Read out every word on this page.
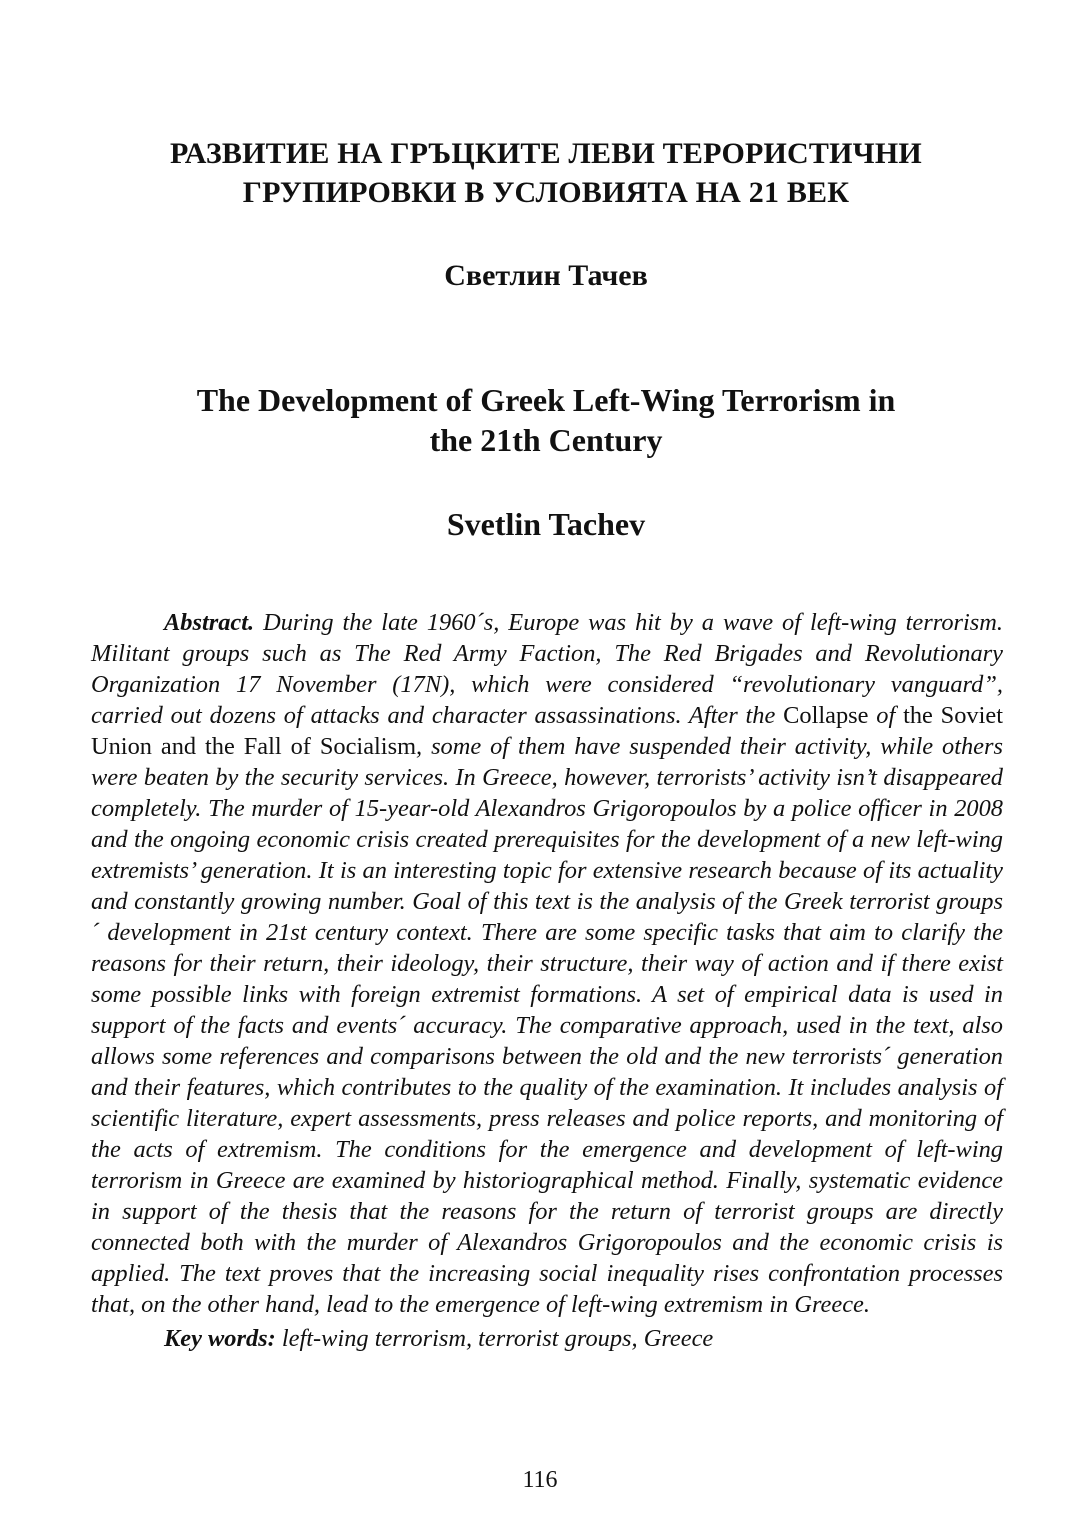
РАЗВИТИЕ НА ГРЪЦКИТЕ ЛЕВИ ТЕРОРИСТИЧНИ
ГРУПИРОВКИ В УСЛОВИЯТА НА 21 ВЕК
Светлин Тачев
The Development of Greek Left-Wing Terrorism in
the 21th Century
Svetlin Tachev

Abstract. During the late 1960´s, Europe was hit by a wave of left-wing terrorism. Militant groups such as The Red Army Faction, The Red Brigades and Revolutionary Organization 17 November (17N), which were considered “revolutionary vanguard”, carried out dozens of attacks and character assassinations. After the Collapse of the Soviet Union and the Fall of Socialism, some of them have suspended their activity, while others were beaten by the security services. In Greece, however, terrorists’ activity isn’t disappeared completely. The murder of 15-year-old Alexandros Grigoropoulos by a police officer in 2008 and the ongoing economic crisis created prerequisites for the development of a new left-wing extremists’ generation. It is an interesting topic for extensive research because of its actuality and constantly growing number. Goal of this text is the analysis of the Greek terrorist groups´ development in 21st century context. There are some specific tasks that aim to clarify the reasons for their return, their ideology, their structure, their way of action and if there exist some possible links with foreign extremist formations. A set of empirical data is used in support of the facts and events´ accuracy. The comparative approach, used in the text, also allows some references and comparisons between the old and the new terrorists´ generation and their features, which contributes to the quality of the examination. It includes analysis of scientific literature, expert assessments, press releases and police reports, and monitoring of the acts of extremism. The conditions for the emergence and development of left-wing terrorism in Greece are examined by historiographical method. Finally, systematic evidence in support of the thesis that the reasons for the return of terrorist groups are directly connected both with the murder of Alexandros Grigoropoulos and the economic crisis is applied. The text proves that the increasing social inequality rises confrontation processes that, on the other hand, lead to the emergence of left-wing extremism in Greece.

Key words: left-wing terrorism, terrorist groups, Greece

116
